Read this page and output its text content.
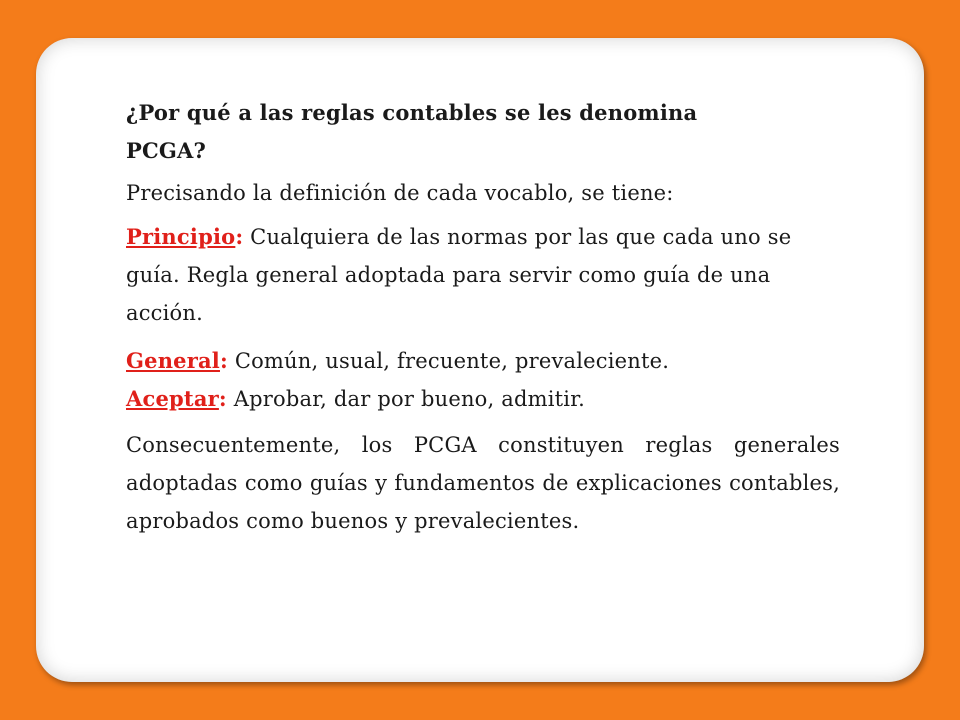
¿Por qué a las reglas contables se les denomina PCGA?

Precisando la definición de cada vocablo, se tiene:

Principio: Cualquiera de las normas por las que cada uno se guía. Regla general adoptada para servir como guía de una acción.

General: Común, usual, frecuente, prevaleciente.

Aceptar: Aprobar, dar por bueno, admitir.

Consecuentemente, los PCGA constituyen reglas generales adoptadas como guías y fundamentos de explicaciones contables, aprobados como buenos y prevalecientes.
